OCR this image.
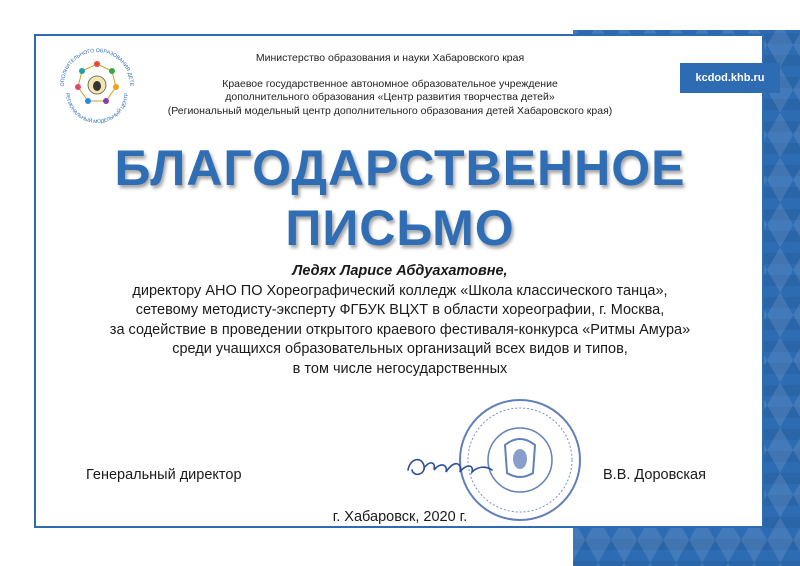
kcdod.khb.ru
ОПОЛНИТЕЛЬНОГО ОБРАЗОВАНИЯ ДЕТЕ
РЕГИОНАЛЬНЫЙ МОДЕЛЬНЫЙ ЦЕНТР
Министерство образования и науки Хабаровского края
Краевое государственное автономное образовательное учреждение
дополнительного образования «Центр развития творчества детей»
(Региональный модельный центр дополнительного образования детей Хабаровского края)
БЛАГОДАРСТВЕННОЕ
ПИСЬМО
Ледях Ларисе Абдуахатовне,
директору АНО ПО Хореографический колледж «Школа классического танца»,
сетевому методисту-эксперту ФГБУК ВЦХТ в области хореографии, г. Москва,
за содействие в проведении открытого краевого фестиваля-конкурса «Ритмы Амура»
среди учащихся образовательных организаций всех видов и типов,
в том числе негосударственных
Генеральный директор	В.В. Доровская
г. Хабаровск, 2020 г.
